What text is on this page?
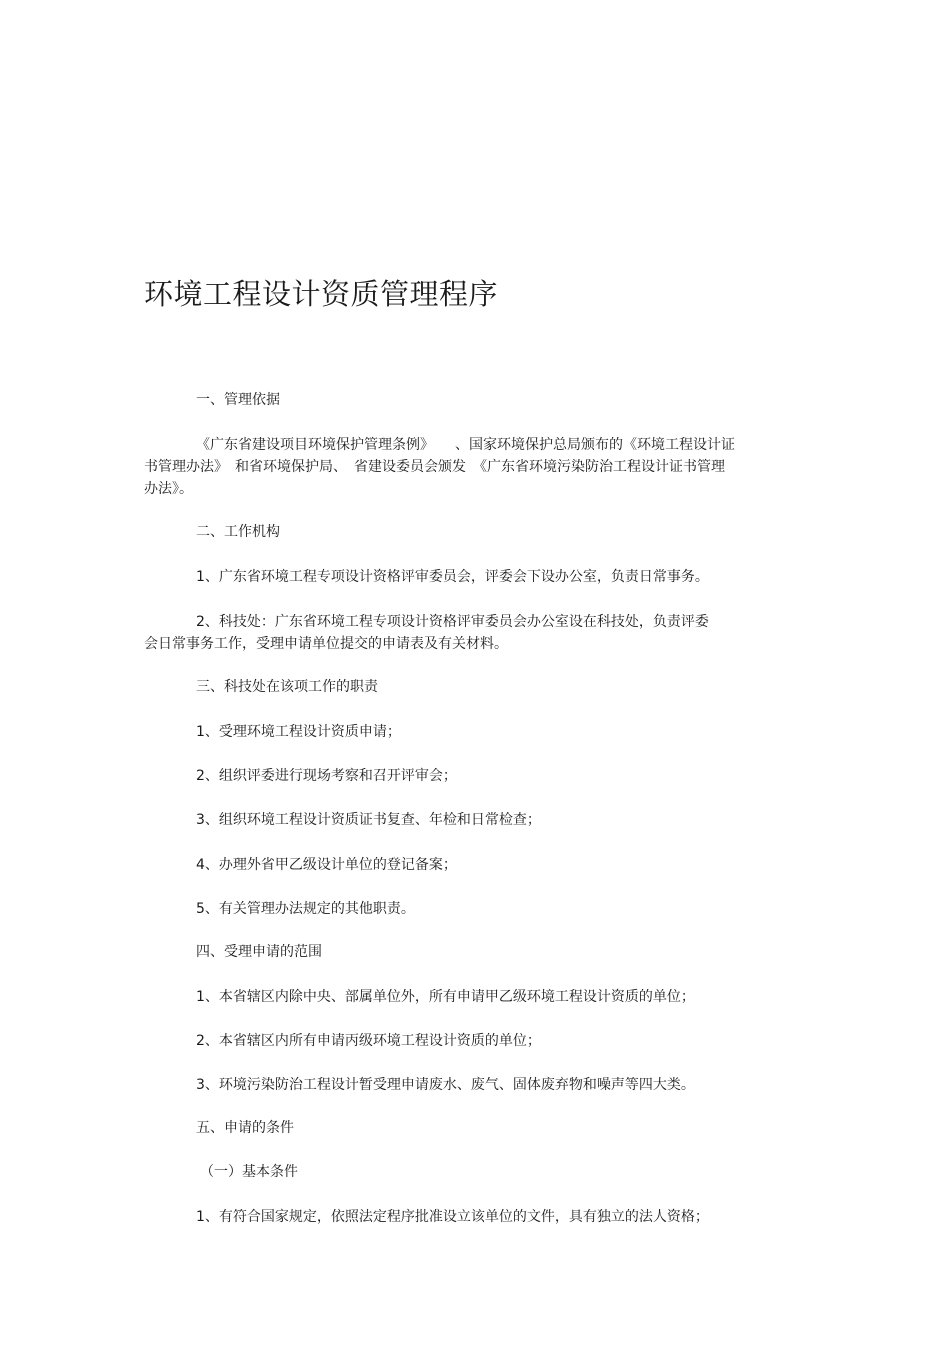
环境工程设计资质管理程序

一、管理依据

《广东省建设项目环境保护管理条例》　　、国家环境保护总局颁布的《环境工程设计证
书管理办法》　和省环境保护局、　省建设委员会颁发　《广东省环境污染防治工程设计证书管理
办法》。

二、工作机构

1、广东省环境工程专项设计资格评审委员会，评委会下设办公室，负责日常事务。

2、科技处：广东省环境工程专项设计资格评审委员会办公室设在科技处，负责评委
会日常事务工作，受理申请单位提交的申请表及有关材料。

三、科技处在该项工作的职责

1、受理环境工程设计资质申请；

2、组织评委进行现场考察和召开评审会；

3、组织环境工程设计资质证书复查、年检和日常检查；

4、办理外省甲乙级设计单位的登记备案；

5、有关管理办法规定的其他职责。

四、受理申请的范围

1、本省辖区内除中央、部属单位外，所有申请甲乙级环境工程设计资质的单位；

2、本省辖区内所有申请丙级环境工程设计资质的单位；

3、环境污染防治工程设计暂受理申请废水、废气、固体废弃物和噪声等四大类。

五、申请的条件

（一）基本条件

1、有符合国家规定，依照法定程序批准设立该单位的文件，具有独立的法人资格；
